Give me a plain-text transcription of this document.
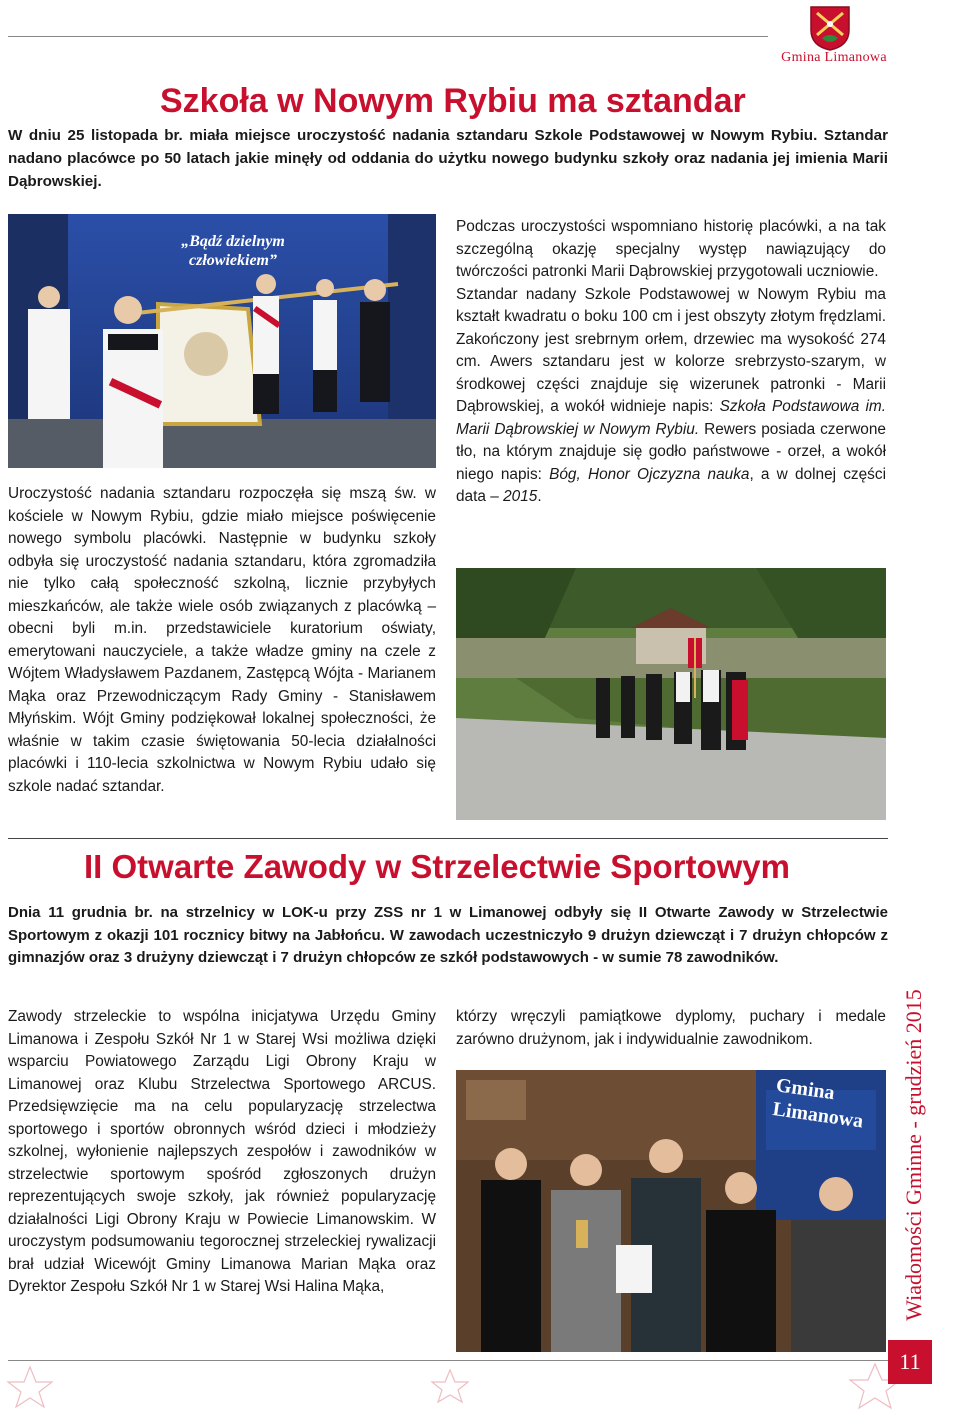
Gmina Limanowa
Szkoła w Nowym Rybiu ma sztandar
W dniu 25 listopada br. miała miejsce uroczystość nadania sztandaru Szkole Podstawowej w Nowym Rybiu. Sztandar nadano placówce po 50 latach jakie minęły od oddania do użytku nowego budynku szkoły oraz nadania jej imienia Marii Dąbrowskiej.
„Bądź dzielnym człowiekiem”
Uroczystość nadania sztandaru rozpoczęła się mszą św. w kościele w Nowym Rybiu, gdzie miało miejsce poświęcenie nowego symbolu placówki. Następnie w budynku szkoły odbyła się uroczystość nadania sztandaru, która zgromadziła nie tylko całą społeczność szkolną, licznie przybyłych mieszkańców, ale także wiele osób związanych z placówką – obecni byli m.in. przedstawiciele kuratorium oświaty, emerytowani nauczyciele, a także władze gminy na czele z Wójtem Władysławem Pazdanem, Zastępcą Wójta - Marianem Mąka oraz Przewodniczącym Rady Gminy - Stanisławem Młyńskim. Wójt Gminy podziękował lokalnej społeczności, że właśnie w takim czasie świętowania 50-lecia działalności placówki i 110-lecia szkolnictwa w Nowym Rybiu udało się szkole nadać sztandar.
Podczas uroczystości wspomniano historię placówki, a na tak szczególną okazję specjalny występ nawiązujący do twórczości patronki Marii Dąbrowskiej przygotowali uczniowie.
Sztandar nadany Szkole Podstawowej w Nowym Rybiu ma kształt kwadratu o boku 100 cm i jest obszyty złotym frędzlami. Zakończony jest srebrnym orłem, drzewiec ma wysokość 274 cm. Awers sztandaru jest w kolorze srebrzysto-szarym, w środkowej części znajduje się wizerunek patronki - Marii Dąbrowskiej, a wokół widnieje napis: Szkoła Podstawowa im. Marii Dąbrowskiej w Nowym Rybiu. Rewers posiada czerwone tło, na którym znajduje się godło państwowe - orzeł, a wokół niego napis: Bóg, Honor Ojczyzna nauka, a w dolnej części data – 2015.
II Otwarte Zawody w Strzelectwie Sportowym
Dnia 11 grudnia br. na strzelnicy w LOK-u przy ZSS nr 1 w Limanowej odbyły się II Otwarte Zawody w Strzelectwie Sportowym z okazji 101 rocznicy bitwy na Jabłońcu. W zawodach uczestniczyło 9 drużyn dziewcząt i 7 drużyn chłopców z gimnazjów oraz 3 drużyny dziewcząt i 7 drużyn chłopców ze szkół podstawowych - w sumie 78 zawodników.
Zawody strzeleckie to wspólna inicjatywa Urzędu Gminy Limanowa i Zespołu Szkół Nr 1 w Starej Wsi możliwa dzięki wsparciu Powiatowego Zarządu Ligi Obrony Kraju w Limanowej oraz Klubu Strzelectwa Sportowego ARCUS. Przedsięwzięcie ma na celu popularyzację strzelectwa sportowego i sportów obronnych wśród dzieci i młodzieży szkolnej, wyłonienie najlepszych zespołów i zawodników w strzelectwie sportowym spośród zgłoszonych drużyn reprezentujących swoje szkoły, jak również popularyzację działalności Ligi Obrony Kraju w Powiecie Limanowskim. W uroczystym podsumowaniu tegorocznej strzeleckiej rywalizacji brał udział Wicewójt Gminy Limanowa Marian Mąka oraz Dyrektor Zespołu Szkół Nr 1 w Starej Wsi Halina Mąka,
którzy wręczyli pamiątkowe dyplomy, puchary i medale zarówno drużynom, jak i indywidualnie zawodnikom.
Gmina Limanowa	Wiadomości Gminne - grudzień 2015
11
